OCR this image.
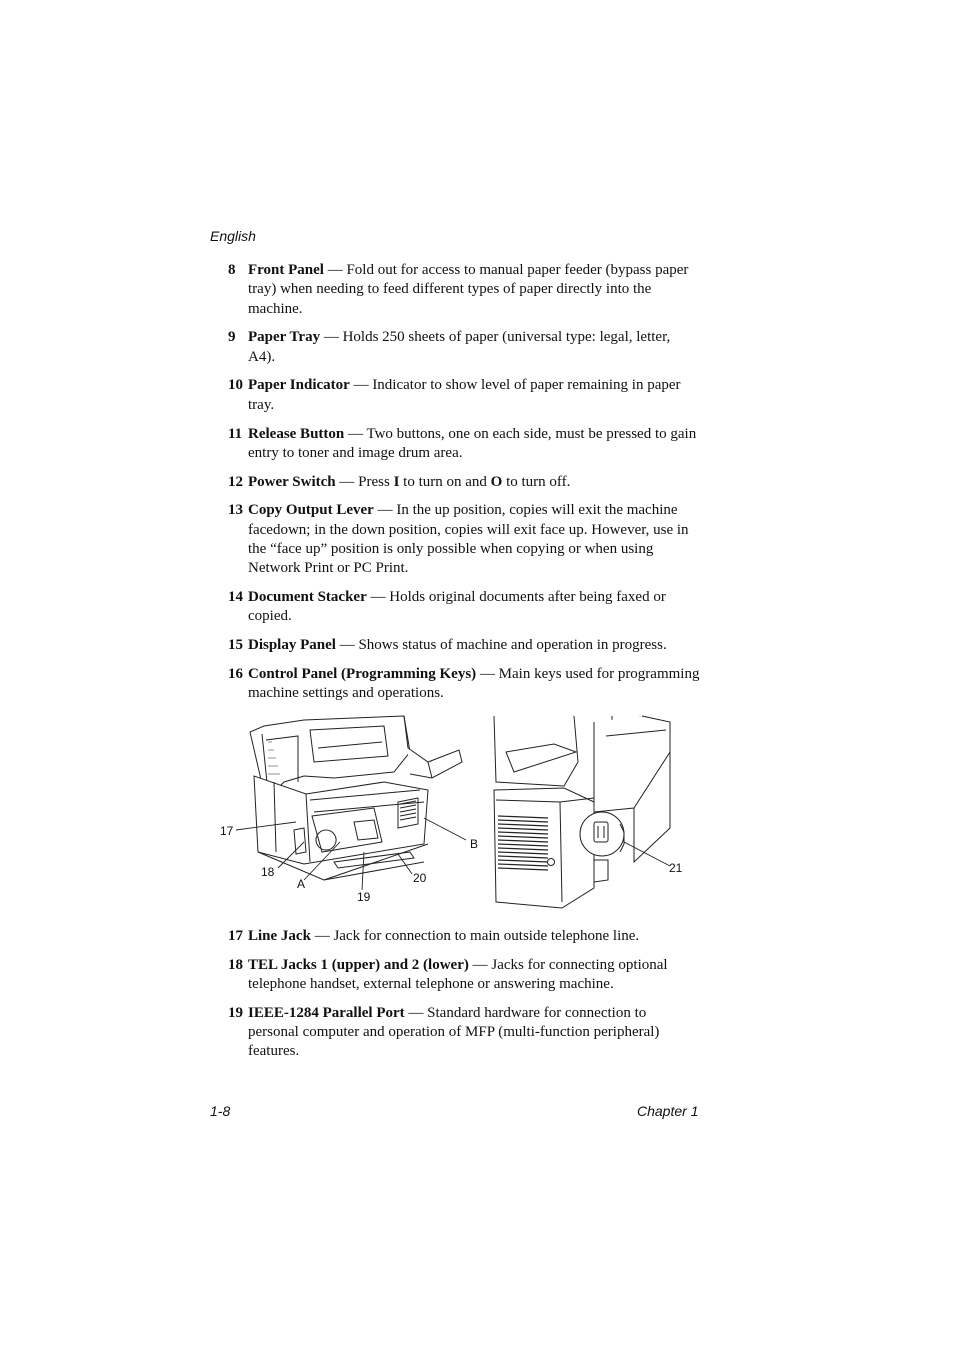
English
8 Front Panel — Fold out for access to manual paper feeder (bypass paper tray) when needing to feed different types of paper directly into the machine.
9 Paper Tray — Holds 250 sheets of paper (universal type: legal, letter, A4).
10 Paper Indicator — Indicator to show level of paper remaining in paper tray.
11 Release Button — Two buttons, one on each side, must be pressed to gain entry to toner and image drum area.
12 Power Switch — Press I to turn on and O to turn off.
13 Copy Output Lever — In the up position, copies will exit the machine facedown; in the down position, copies will exit face up. However, use in the “face up” position is only possible when copying or when using Network Print or PC Print.
14 Document Stacker — Holds original documents after being faxed or copied.
15 Display Panel — Shows status of machine and operation in progress.
16 Control Panel (Programming Keys) — Main keys used for programming machine settings and operations.
17
18
A
19
20
B
21
17 Line Jack — Jack for connection to main outside telephone line.
18 TEL Jacks 1 (upper) and 2 (lower) — Jacks for connecting optional telephone handset, external telephone or answering machine.
19 IEEE-1284 Parallel Port — Standard hardware for connection to personal computer and operation of MFP (multi-function peripheral) features.
1-8	Chapter 1
